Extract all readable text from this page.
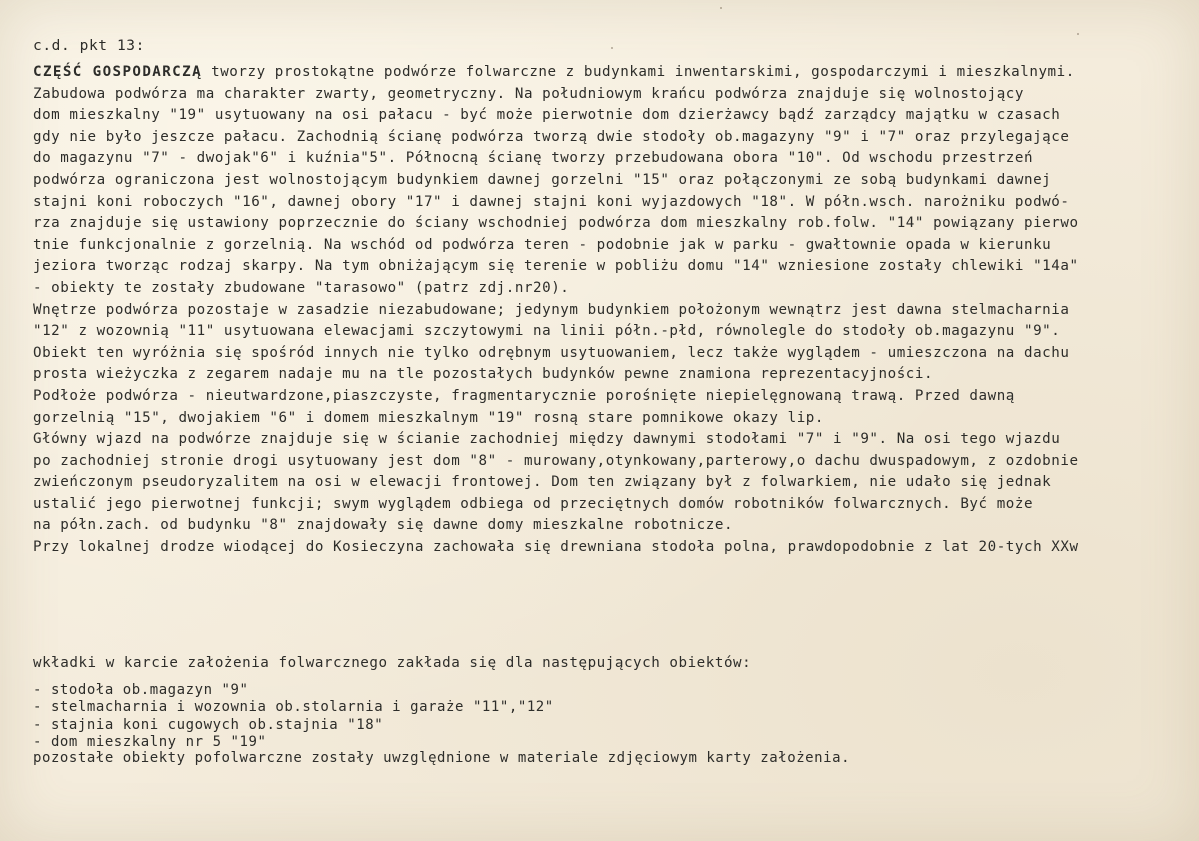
c.d. pkt 13:
CZĘŚĆ GOSPODARCZĄ tworzy prostokątne podwórze folwarczne z budynkami inwentarskimi, gospodarczymi i mieszkalnymi.
Zabudowa podwórza ma charakter zwarty, geometryczny. Na południowym krańcu podwórza znajduje się wolnostojący
dom mieszkalny "19" usytuowany na osi pałacu - być może pierwotnie dom dzierżawcy bądź zarządcy majątku w czasach
gdy nie było jeszcze pałacu. Zachodnią ścianę podwórza tworzą dwie stodoły ob.magazyny "9" i "7" oraz przylegające
do magazynu "7" - dwojak"6" i kuźnia"5". Północną ścianę tworzy przebudowana obora "10". Od wschodu przestrzeń
podwórza ograniczona jest wolnostojącym budynkiem dawnej gorzelni "15" oraz połączonymi ze sobą budynkami dawnej
stajni koni roboczych "16", dawnej obory "17" i dawnej stajni koni wyjazdowych "18". W półn.wsch. narożniku podwó-
rza znajduje się ustawiony poprzecznie do ściany wschodniej podwórza dom mieszkalny rob.folw. "14" powiązany pierwo
tnie funkcjonalnie z gorzelnią. Na wschód od podwórza teren - podobnie jak w parku - gwałtownie opada w kierunku
jeziora tworząc rodzaj skarpy. Na tym obniżającym się terenie w pobliżu domu "14" wzniesione zostały chlewiki "14a"
- obiekty te zostały zbudowane "tarasowo" (patrz zdj.nr20).
Wnętrze podwórza pozostaje w zasadzie niezabudowane; jedynym budynkiem położonym wewnątrz jest dawna stelmacharnia
"12" z wozownią "11" usytuowana elewacjami szczytowymi na linii półn.-płd, równolegle do stodoły ob.magazynu "9".
Obiekt ten wyróżnia się spośród innych nie tylko odrębnym usytuowaniem, lecz także wyglądem - umieszczona na dachu
prosta wieżyczka z zegarem nadaje mu na tle pozostałych budynków pewne znamiona reprezentacyjności.
Podłoże podwórza - nieutwardzone,piaszczyste, fragmentarycznie porośnięte niepielęgnowaną trawą. Przed dawną
gorzelnią "15", dwojakiem "6" i domem mieszkalnym "19" rosną stare pomnikowe okazy lip.
Główny wjazd na podwórze znajduje się w ścianie zachodniej między dawnymi stodołami "7" i "9". Na osi tego wjazdu
po zachodniej stronie drogi usytuowany jest dom "8" - murowany,otynkowany,parterowy,o dachu dwuspadowym, z ozdobnie
zwieńczonym pseudoryzalitem na osi w elewacji frontowej. Dom ten związany był z folwarkiem, nie udało się jednak
ustalić jego pierwotnej funkcji; swym wyglądem odbiega od przeciętnych domów robotników folwarcznych. Być może
na półn.zach. od budynku "8" znajdowały się dawne domy mieszkalne robotnicze.
Przy lokalnej drodze wiodącej do Kosieczyna zachowała się drewniana stodoła polna, prawdopodobnie z lat 20-tych XXw
wkładki w karcie założenia folwarcznego zakłada się dla następujących obiektów:
- stodoła ob.magazyn "9"
- stelmacharnia i wozownia ob.stolarnia i garaże "11","12"
- stajnia koni cugowych ob.stajnia "18"
- dom mieszkalny nr 5 "19"
pozostałe obiekty pofolwarczne zostały uwzględnione w materiale zdjęciowym karty założenia.
